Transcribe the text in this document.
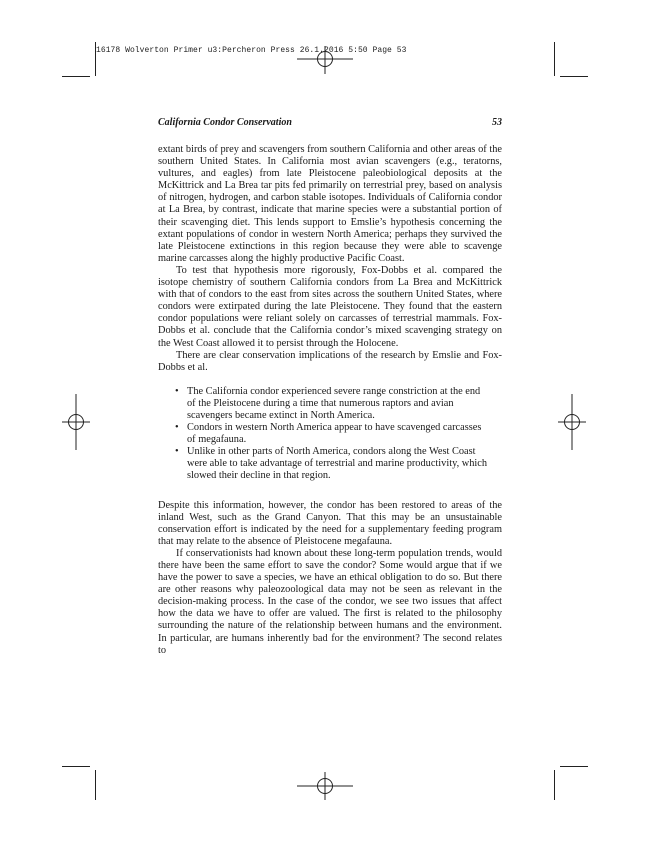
16178 Wolverton Primer u3:Percheron Press 26.1.2016 5:50 Page 53
California Condor Conservation	53

extant birds of prey and scavengers from southern California and other areas of the southern United States. In California most avian scavengers (e.g., teratorns, vultures, and eagles) from late Pleistocene paleobiological deposits at the McKittrick and La Brea tar pits fed primarily on terrestrial prey, based on analysis of nitrogen, hydrogen, and carbon stable isotopes. Individuals of California condor at La Brea, by contrast, indicate that marine species were a substantial portion of their scavenging diet. This lends support to Emslie’s hypothesis concerning the extant populations of condor in western North America; perhaps they survived the late Pleistocene extinctions in this region because they were able to scavenge marine carcasses along the highly productive Pacific Coast.

To test that hypothesis more rigorously, Fox-Dobbs et al. compared the isotope chemistry of southern California condors from La Brea and McKittrick with that of condors to the east from sites across the southern United States, where condors were extirpated during the late Pleistocene. They found that the eastern condor populations were reliant solely on carcasses of terrestrial mammals. Fox-Dobbs et al. conclude that the California condor’s mixed scavenging strategy on the West Coast allowed it to persist through the Holocene.

There are clear conservation implications of the research by Emslie and Fox-Dobbs et al.

• The California condor experienced severe range constriction at the end of the Pleistocene during a time that numerous raptors and avian scavengers became extinct in North America.
• Condors in western North America appear to have scavenged carcasses of megafauna.
• Unlike in other parts of North America, condors along the West Coast were able to take advantage of terrestrial and marine productivity, which slowed their decline in that region.

Despite this information, however, the condor has been restored to areas of the inland West, such as the Grand Canyon. That this may be an unsustainable conservation effort is indicated by the need for a supplementary feeding program that may relate to the absence of Pleistocene megafauna.

If conservationists had known about these long-term population trends, would there have been the same effort to save the condor? Some would argue that if we have the power to save a species, we have an ethical obligation to do so. But there are other reasons why paleozoological data may not be seen as relevant in the decision-making process. In the case of the condor, we see two issues that affect how the data we have to offer are valued. The first is related to the philosophy surrounding the nature of the relationship between humans and the environment. In particular, are humans inherently bad for the environment? The second relates to
